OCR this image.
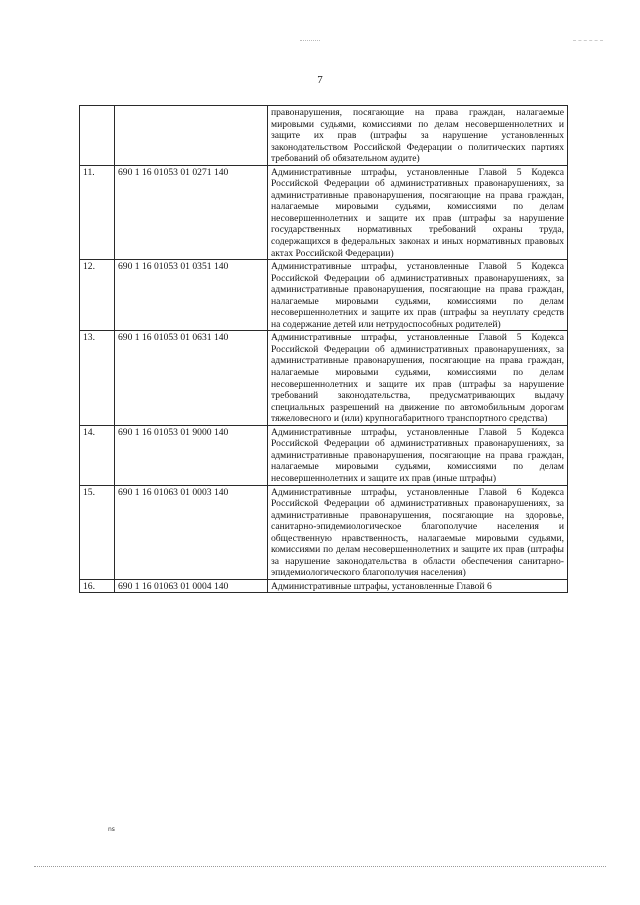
7
		правонарушения, посягающие на права граждан, налагаемые мировыми судьями, комиссиями по делам несовершеннолетних и защите их прав (штрафы за нарушение установленных законодательством Российской Федерации о политических партиях требований об обязательном аудите)
11.	690 1 16 01053 01 0271 140	Административные штрафы, установленные Главой 5 Кодекса Российской Федерации об административных правонарушениях, за административные правонарушения, посягающие на права граждан, налагаемые мировыми судьями, комиссиями по делам несовершеннолетних и защите их прав (штрафы за нарушение государственных нормативных требований охраны труда, содержащихся в федеральных законах и иных нормативных правовых актах Российской Федерации)
12.	690 1 16 01053 01 0351 140	Административные штрафы, установленные Главой 5 Кодекса Российской Федерации об административных правонарушениях, за административные правонарушения, посягающие на права граждан, налагаемые мировыми судьями, комиссиями по делам несовершеннолетних и защите их прав (штрафы за неуплату средств на содержание детей или нетрудоспособных родителей)
13.	690 1 16 01053 01 0631 140	Административные штрафы, установленные Главой 5 Кодекса Российской Федерации об административных правонарушениях, за административные правонарушения, посягающие на права граждан, налагаемые мировыми судьями, комиссиями по делам несовершеннолетних и защите их прав (штрафы за нарушение требований законодательства, предусматривающих выдачу специальных разрешений на движение по автомобильным дорогам тяжеловесного и (или) крупногабаритного транспортного средства)
14.	690 1 16 01053 01 9000 140	Административные штрафы, установленные Главой 5 Кодекса Российской Федерации об административных правонарушениях, за административные правонарушения, посягающие на права граждан, налагаемые мировыми судьями, комиссиями по делам несовершеннолетних и защите их прав (иные штрафы)
15.	690 1 16 01063 01 0003 140	Административные штрафы, установленные Главой 6 Кодекса Российской Федерации об административных правонарушениях, за административные правонарушения, посягающие на здоровье, санитарно-эпидемиологическое благополучие населения и общественную нравственность, налагаемые мировыми судьями, комиссиями по делам несовершеннолетних и защите их прав (штрафы за нарушение законодательства в области обеспечения санитарно-эпидемиологического благополучия населения)
16.	690 1 16 01063 01 0004 140	Административные штрафы, установленные Главой 6
ns
